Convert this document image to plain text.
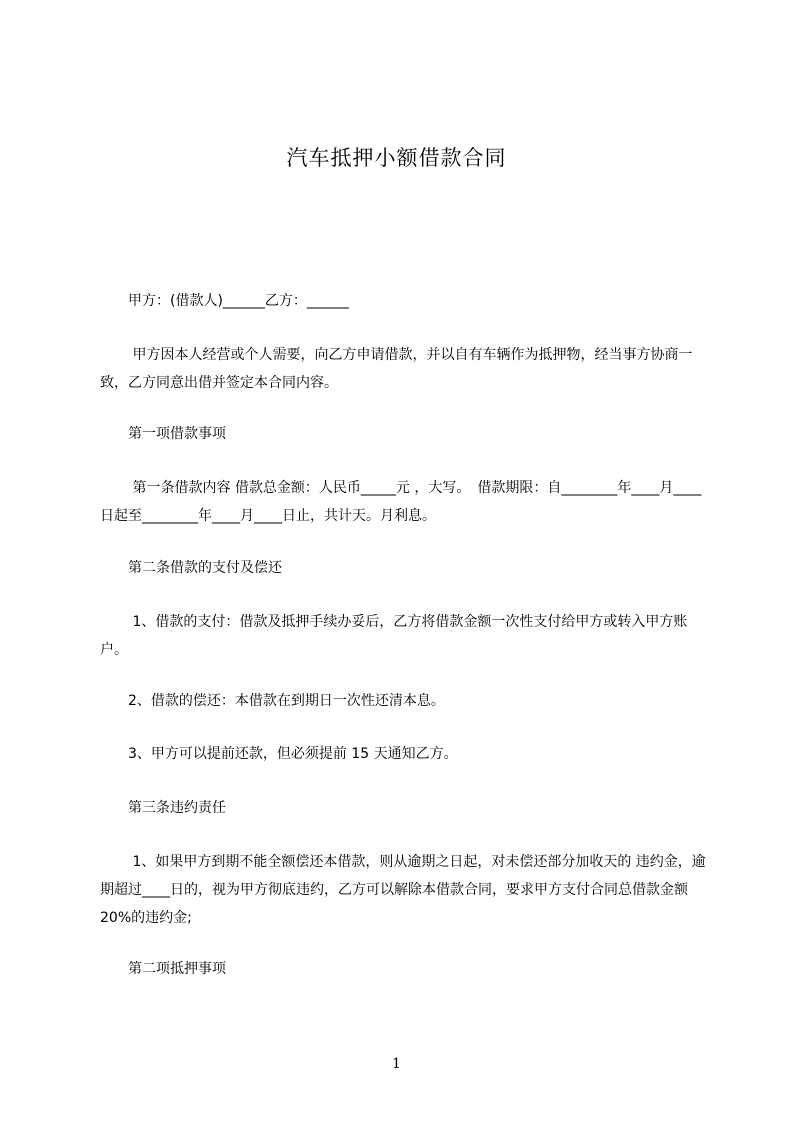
汽车抵押小额借款合同

　　甲方：(借款人)______乙方：______

　　 甲方因本人经营或个人需要，向乙方申请借款，并以自有车辆作为抵押物，经当事方协商一致，乙方同意出借并签定本合同内容。

　　第一项借款事项

　　 第一条借款内容 借款总金额：人民币_____元 ，大写。　借款期限：自________年____月____日起至________年____月____日止，共计天。月利息。

　　第二条借款的支付及偿还

　　 1、借款的支付：借款及抵押手续办妥后，乙方将借款金额一次性支付给甲方或转入甲方账户。

　　2、借款的偿还：本借款在到期日一次性还清本息。

　　3、甲方可以提前还款，但必须提前 15 天通知乙方。

　　第三条违约责任

　　 1、如果甲方到期不能全额偿还本借款，则从逾期之日起，对未偿还部分加收天的 违约金，逾期超过____日的，视为甲方彻底违约，乙方可以解除本借款合同，要求甲方支付合同总借款金额 20%的违约金;

　　第二项抵押事项

1
